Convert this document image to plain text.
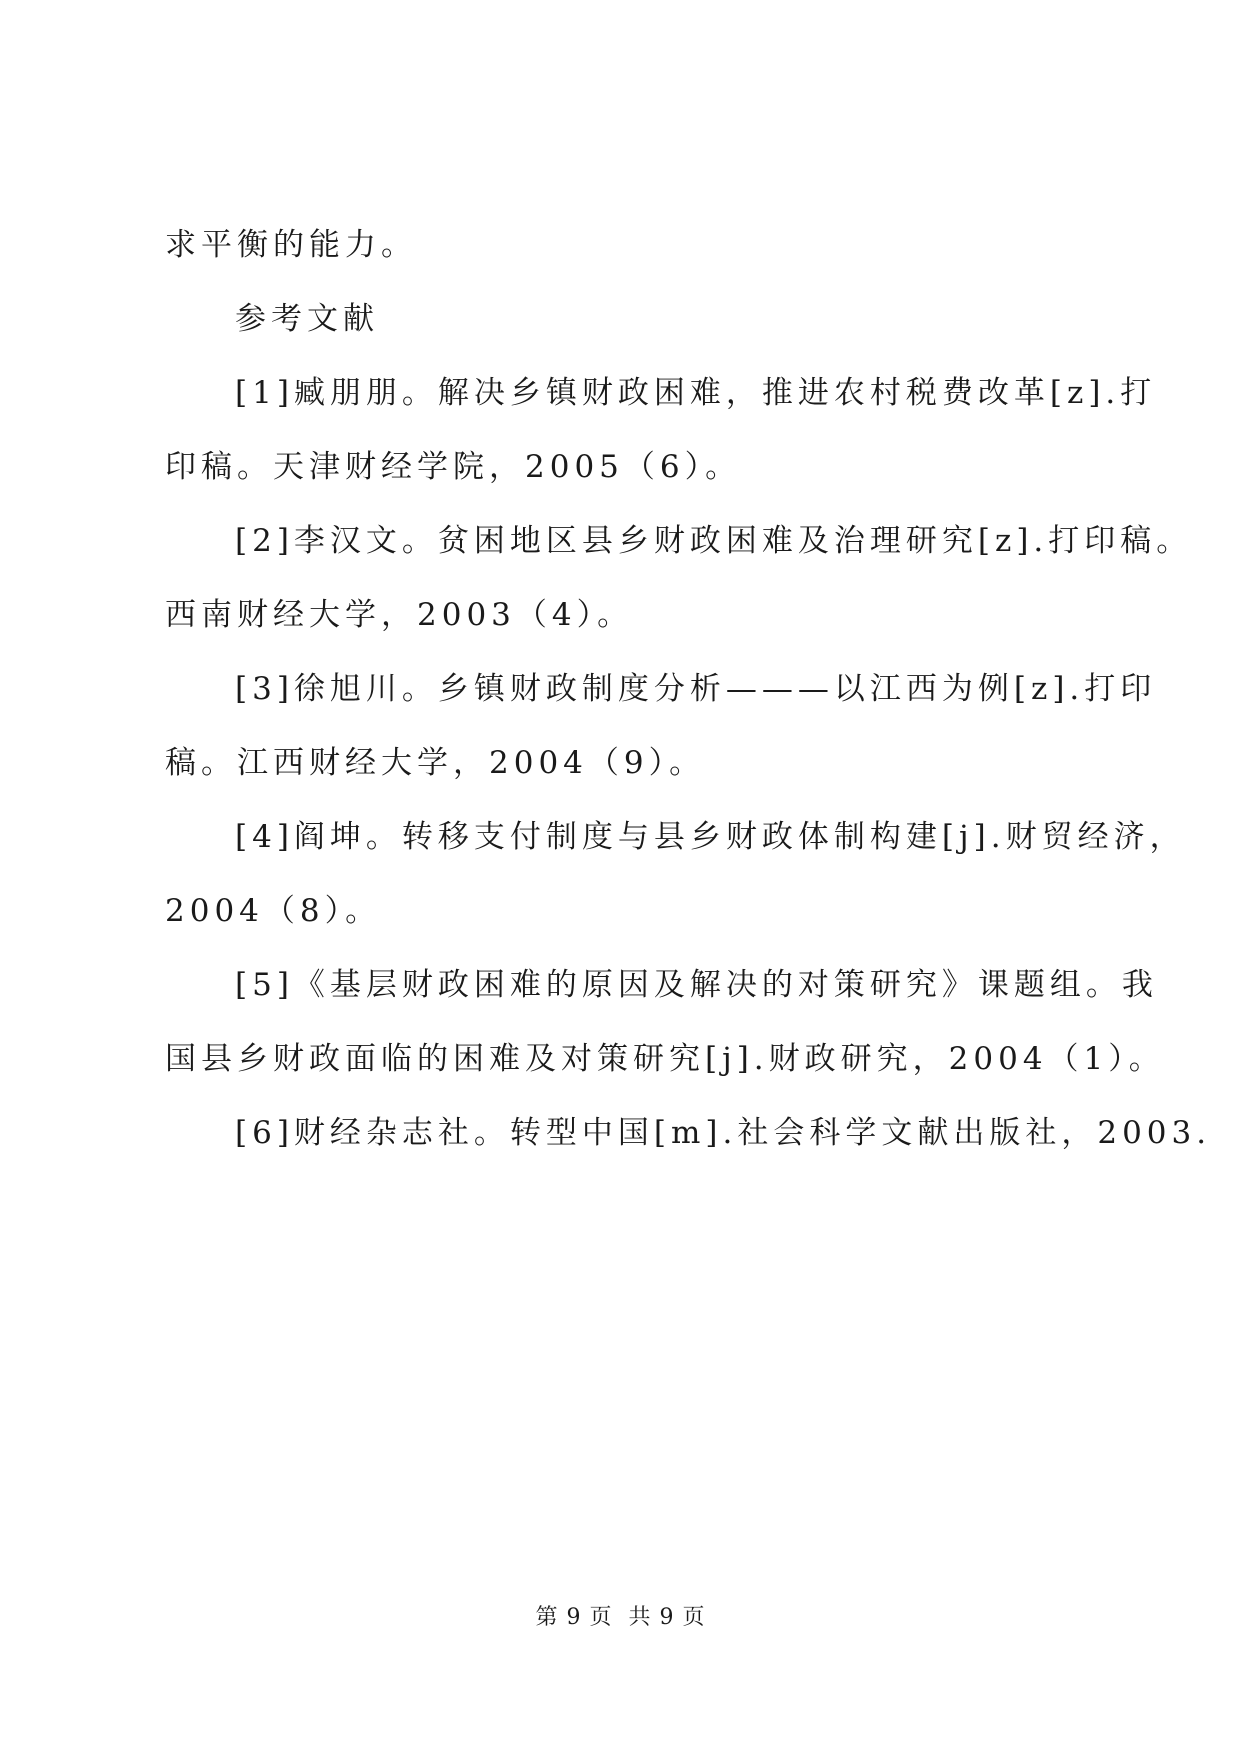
求平衡的能力。

参考文献

[1]臧朋朋。解决乡镇财政困难，推进农村税费改革[z].打

印稿。天津财经学院，2005（6）。

[2]李汉文。贫困地区县乡财政困难及治理研究[z].打印稿。

西南财经大学，2003（4）。

[3]徐旭川。乡镇财政制度分析———以江西为例[z].打印

稿。江西财经大学，2004（9）。

[4]阎坤。转移支付制度与县乡财政体制构建[j].财贸经济，

2004（8）。

[5]《基层财政困难的原因及解决的对策研究》课题组。我

国县乡财政面临的困难及对策研究[j].财政研究，2004（1）。

[6]财经杂志社。转型中国[m].社会科学文献出版社，2003.

第 9 页  共 9 页
